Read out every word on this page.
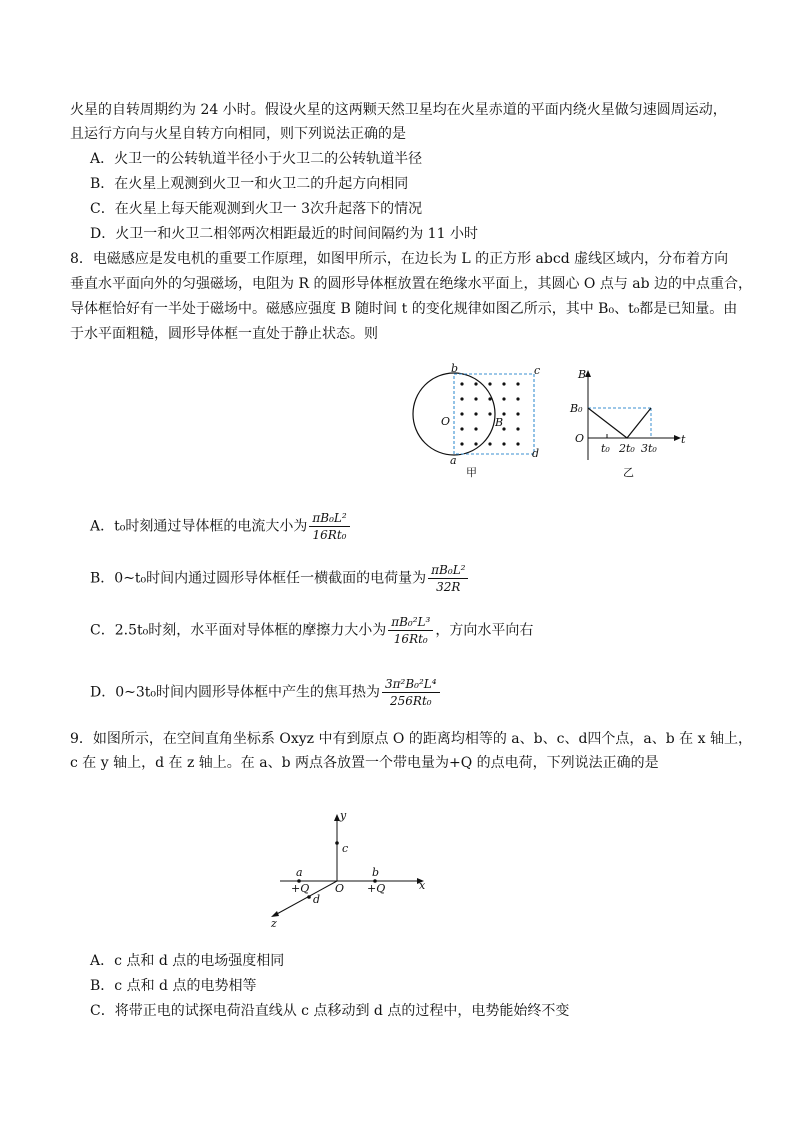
火星的自转周期约为 24 小时。假设火星的这两颗天然卫星均在火星赤道的平面内绕火星做匀速圆周运动，
且运行方向与火星自转方向相同，则下列说法正确的是
A．火卫一的公转轨道半径小于火卫二的公转轨道半径
B．在火星上观测到火卫一和火卫二的升起方向相同
C．在火星上每天能观测到火卫一 3次升起落下的情况
D．火卫一和火卫二相邻两次相距最近的时间间隔约为 11 小时
8．电磁感应是发电机的重要工作原理，如图甲所示，在边长为 L 的正方形 abcd 虚线区域内，分布着方向
垂直水平面向外的匀强磁场，电阻为 R 的圆形导体框放置在绝缘水平面上，其圆心 O 点与 ab 边的中点重合，
导体框恰好有一半处于磁场中。磁感应强度 B 随时间 t 的变化规律如图乙所示，其中 B₀、t₀都是已知量。由
于水平面粗糙，圆形导体框一直处于静止状态。则
b	c
a
d
O	B
甲
B
t
O
B₀
t₀ 2t₀ 3t₀
乙
A．t₀时刻通过导体框的电流大小为 $\frac{\text{πB₀L²}}{\text{16Rt₀}}$
B．0~t₀时间内通过圆形导体框任一横截面的电荷量为 $\frac{\text{πB₀L²}}{32R}$
C．2.5t₀时刻，水平面对导体框的摩擦力大小为 $\frac{\text{πB₀²L³}}{\text{16Rt₀}}$ ，方向水平向右
D．0~3t₀时间内圆形导体框中产生的焦耳热为 $\frac{\text{3π²B₀²L⁴}}{\text{256Rt₀}}$
9．如图所示，在空间直角坐标系 Oxyz 中有到原点 O 的距离均相等的 a、b、c、d四个点，a、b 在 x 轴上，
c 在 y 轴上，d 在 z 轴上。在 a、b 两点各放置一个带电量为+Q 的点电荷，下列说法正确的是
y
x
z
O
a	b
c
d
+Q	+Q
A．c 点和 d 点的电场强度相同
B．c 点和 d 点的电势相等
C．将带正电的试探电荷沿直线从 c 点移动到 d 点的过程中，电势能始终不变
